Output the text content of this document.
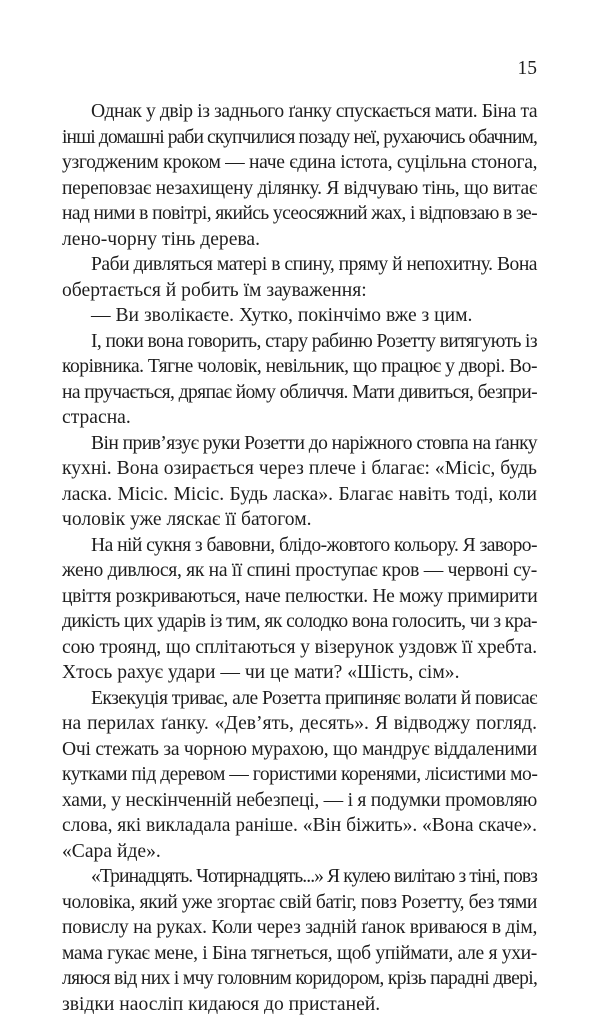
15

Однак у двір із заднього ґанку спускається мати. Біна та
інші домашні раби скупчилися позаду неї, рухаючись обачним,
узгодженим кроком — наче єдина істота, суцільна стонога,
переповзає незахищену ділянку. Я відчуваю тінь, що витає
над ними в повітрі, якийсь усеосяжний жах, і відповзаю в зе-
лено-чорну тінь дерева.

Раби дивляться матері в спину, пряму й непохитну. Вона
обертається й робить їм зауваження:

— Ви зволікаєте. Хутко, покінчімо вже з цим.

І, поки вона говорить, стару рабиню Розетту витягують із
корівника. Тягне чоловік, невільник, що працює у дворі. Во-
на пручається, дряпає йому обличчя. Мати дивиться, безпри-
страсна.

Він прив’язує руки Розетти до наріжного стовпа на ґанку
кухні. Вона озирається через плече і благає: «Місіс, будь
ласка. Місіс. Місіс. Будь ласка». Благає навіть тоді, коли
чоловік уже ляскає її батогом.

На ній сукня з бавовни, блідо-жовтого кольору. Я заворо-
жено дивлюся, як на її спині проступає кров — червоні су-
цвіття розкриваються, наче пелюстки. Не можу примирити
дикість цих ударів із тим, як солодко вона голосить, чи з кра-
сою троянд, що сплітаються у візерунок уздовж її хребта.
Хтось рахує удари — чи це мати? «Шість, сім».

Екзекуція триває, але Розетта припиняє волати й повисає
на перилах ґанку. «Дев’ять, десять». Я відводжу погляд.
Очі стежать за чорною мурахою, що мандрує віддаленими
кутками під деревом — гористими коренями, лісистими мо-
хами, у нескінченній небезпеці, — і я подумки промовляю
слова, які викладала раніше. «Він біжить». «Вона скаче».
«Сара йде».

«Тринадцять. Чотирнадцять...» Я кулею вилітаю з тіні, повз
чоловіка, який уже згортає свій батіг, повз Розетту, без тями
повислу на руках. Коли через задній ґанок вриваюся в дім,
мама гукає мене, і Біна тягнеться, щоб упіймати, але я ухи-
ляюся від них і мчу головним коридором, крізь парадні двері,
звідки наосліп кидаюся до пристаней.
